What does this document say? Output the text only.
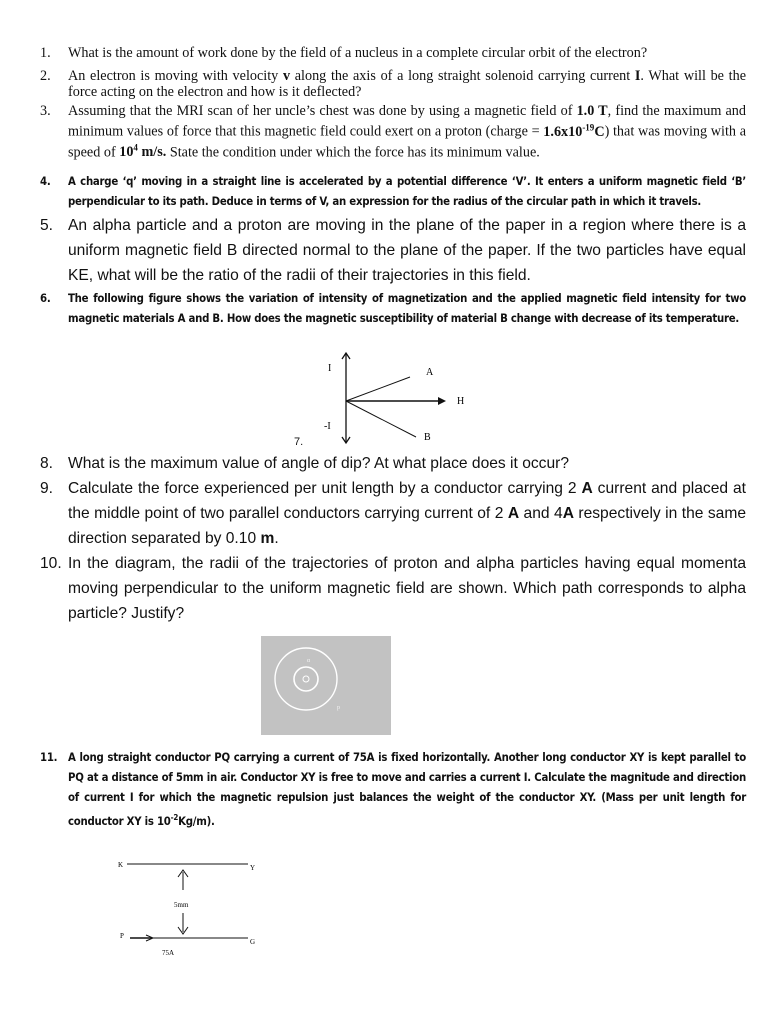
1. What is the amount of work done by the field of a nucleus in a complete circular orbit of the electron?
2. An electron is moving with velocity v along the axis of a long straight solenoid carrying current I. What will be the force acting on the electron and how is it deflected?
3. Assuming that the MRI scan of her uncle’s chest was done by using a magnetic field of 1.0 T, find the maximum and minimum values of force that this magnetic field could exert on a proton (charge = $1.6x10^{-19}C$) that was moving with a speed of $10^4$ m/s. State the condition under which the force has its minimum value.
4. A charge ‘q’ moving in a straight line is accelerated by a potential difference ‘V’. It enters a uniform magnetic field ‘B’ perpendicular to its path. Deduce in terms of V, an expression for the radius of the circular path in which it travels.
5. An alpha particle and a proton are moving in the plane of the paper in a region where there is a uniform magnetic field B directed normal to the plane of the paper. If the two particles have equal KE, what will be the ratio of the radii of their trajectories in this field.
6. The following figure shows the variation of intensity of magnetization and the applied magnetic field intensity for two magnetic materials A and B. How does the magnetic susceptibility of material B change with decrease of its temperature.
I
-I
H
A
B
7.
8. What is the maximum value of angle of dip? At what place does it occur?
9. Calculate the force experienced per unit length by a conductor carrying 2 A current and placed at the middle point of two parallel conductors carrying current of 2 A and 4A respectively in the same direction separated by 0.10 m.
10. In the diagram, the radii of the trajectories of proton and alpha particles having equal momenta moving perpendicular to the uniform magnetic field are shown. Which path corresponds to alpha particle? Justify?
α
p
11. A long straight conductor PQ carrying a current of 75A is fixed horizontally. Another long conductor XY is kept parallel to PQ at a distance of 5mm in air. Conductor XY is free to move and carries a current I. Calculate the magnitude and direction of current I for which the magnetic repulsion just balances the weight of the conductor XY. (Mass per unit length for conductor XY is $10^{-2}Kg/m$).
K	Y
P
G
5mm
75A
